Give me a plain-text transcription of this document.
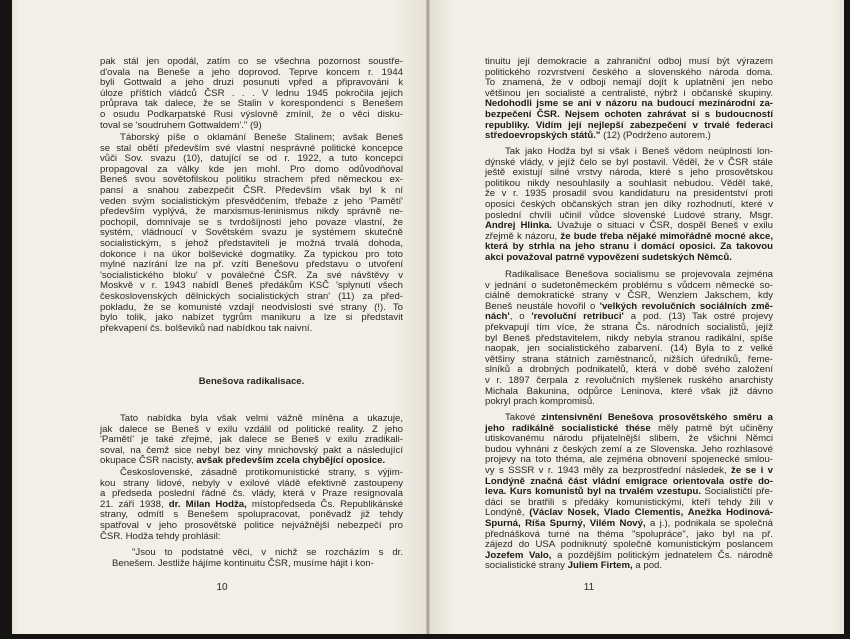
10
pak stál jen opodál, zatím co se všechna pozornost soustře-
d'ovala na Beneše a jeho doprovod. Teprve koncem r. 1944
byli Gottwald a jeho druzi posunuti vpřed a připravováni k
úloze příštích vládců ČSR . . . V lednu 1945 pokročila jejich
průprava tak dalece, že se Stalin v korespondenci s Benešem
o osudu Podkarpatské Rusi výslovně zmínil, že o věci disku-
toval se 'soudruhem Gottwaldem'." (9)
Táborský píše o oklamání Beneše Stalinem; avšak Beneš
se stal obětí především své vlastní nesprávné politické koncepce
vůči Sov. svazu (10), datující se od r. 1922, a tuto koncepci
propagoval za války kde jen mohl. Pro domo odůvodňoval
Beneš svou sovětofilskou politiku strachem před německou ex-
pansí a snahou zabezpečit ČSR. Především však byl k ní
veden svým socialistickým přesvědčením, třebaže z jeho 'Pamětí'
především vyplývá, že marxismus-leninismus nikdy správně ne-
pochopil, domnívaje se s tvrdošíjností jeho povaze vlastní, že
systém, vládnoucí v Sovětském svazu je systémem skutečně
socialistickým, s jehož představiteli je možná trvalá dohoda,
dokonce i na úkor bolševické dogmatiky. Za typickou pro toto
mylné nazírání lze na př. vzíti Benešovu představu o utvoření
'socialistického bloku' v poválečné ČSR. Za své návštěvy v
Moskvě v r. 1943 nabídl Beneš předákům KSČ 'splynutí všech
československých dělnických socialistických stran' (11) za před-
pokladu, že se komunisté vzdají neodvislosti své strany (!). To
bylo tolik, jako nabízet tygrům manikuru a lze si představit
překvapení čs. bolševiků nad nabídkou tak naivní.
Benešova radikalisace.
Tato nabídka byla však velmi vážně míněna a ukazuje,
jak dalece se Beneš v exilu vzdálil od politické reality. Z jeho
'Pamětí' je také zřejmé, jak dalece se Beneš v exilu zradikali-
soval, na čemž sice nebyl bez viny mnichovský pakt a následující
okupace ČSR nacisty, avšak především zcela chybějící oposice.
Československé, zásadně protikomunistické strany, s výjim-
kou strany lidové, nebyly v exilové vládě efektivně zastoupeny
a předseda poslední řádné čs. vlády, která v Praze resignovala
21. září 1938, dr. Milan Hodža, místopředseda Čs. Republikánské
strany, odmítl s Benešem spolupracovat, poněvadž již tehdy
spatřoval v jeho prosovětské politice nejvážnější nebezpečí pro
ČSR. Hodža tehdy prohlásil:
"Jsou to podstatné věci, v nichž se rozcházím s dr.
Benešem. Jestliže hájíme kontinuitu ČSR, musíme hájit i kon-
11
tinuitu její demokracie a zahraniční odboj musí být výrazem
politického rozvrstvení českého a slovenského národa doma.
To znamená, že v odboji nemají dojít k uplatnění jen nebo
většinou jen socialisté a centralisté, nýbrž i občanské skupiny.
Nedohodli jsme se ani v názoru na budoucí mezinárodní za-
bezpečení ČSR. Nejsem ochoten zahrávat si s budoucností
republiky. Vidím její nejlepší zabezpečení v trvalé federaci
středoevropských států." (12) (Podrženo autorem.)
Tak jako Hodža byl si však i Beneš vědom neúplnosti lon-
dýnské vlády, v jejíž čelo se byl postavil. Věděl, že v ČSR stále
ještě existují silné vrstvy národa, které s jeho prosovětskou
politikou nikdy nesouhlasily a souhlasit nebudou. Věděl také,
že v r. 1935 prosadil svou kandidaturu na presidentství proti
oposici českých občanských stran jen díky rozhodnutí, které v
poslední chvíli učinil vůdce slovenské Ludové strany, Msgr.
Andrej Hlinka. Uvažuje o situaci v ČSR, dospěl Beneš v exilu
zřejmě k názoru, že bude třeba nějaké mimořádně mocné akce,
která by strhla na jeho stranu i domácí oposici. Za takovou
akci považoval patrně vypovězení sudetských Němců.
Radikalisace Benešova socialismu se projevovala zejména
v jednání o sudetoněmeckém problému s vůdcem německé so-
ciálně demokratické strany v ČSR, Wenzlem Jakschem, kdy
Beneš neustále hovořil o 'velkých revolučních sociálních změ-
nách', o 'revoluční retribuci' a pod. (13) Tak ostré projevy
překvapují tím více, že strana Čs. národních socialistů, jejíž
byl Beneš představitelem, nikdy nebyla stranou radikální, spíše
naopak, jen socialistického zabarvení. (14) Byla to z velké
většiny strana státních zaměstnanců, nižších úředníků, řeme-
slníků a drobných podnikatelů, která v době svého založení
v r. 1897 čerpala z revolučních myšlenek ruského anarchisty
Michala Bakunina, odpůrce Leninova, které však již dávno
pokryl prach kompromisů.
Takové zintensivnění Benešova prosovětského směru a
jeho radikálně socialistické thése měly patrně být učiněny
utiskovanému národu přijatelnější slibem, že všichni Němci
budou vyhnáni z českých zemí a ze Slovenska. Jeho rozhlasové
projevy na toto théma, ale zejména obnovení spojenecké smlou-
vy s SSSR v r. 1943 měly za bezprostřední následek, že se i v
Londýně značná část vládní emigrace orientovala ostře do-
leva. Kurs komunistů byl na trvalém vzestupu. Socialističtí pře-
dáci se bratřili s předáky komunistickými, kteří tehdy žili v
Londýně, (Václav Nosek, Vlado Clementis, Anežka Hodinová-
Spurná, Ríša Spurný, Vilém Nový, a j.), podnikala se společná
přednášková turné na théma "spolupráce", jako byl na př.
zájezd do USA podniknutý společně komunistickým poslancem
Jozefem Valo, a pozdějším politickým jednatelem Čs. národně
socialistické strany Juliem Firtem, a pod.
